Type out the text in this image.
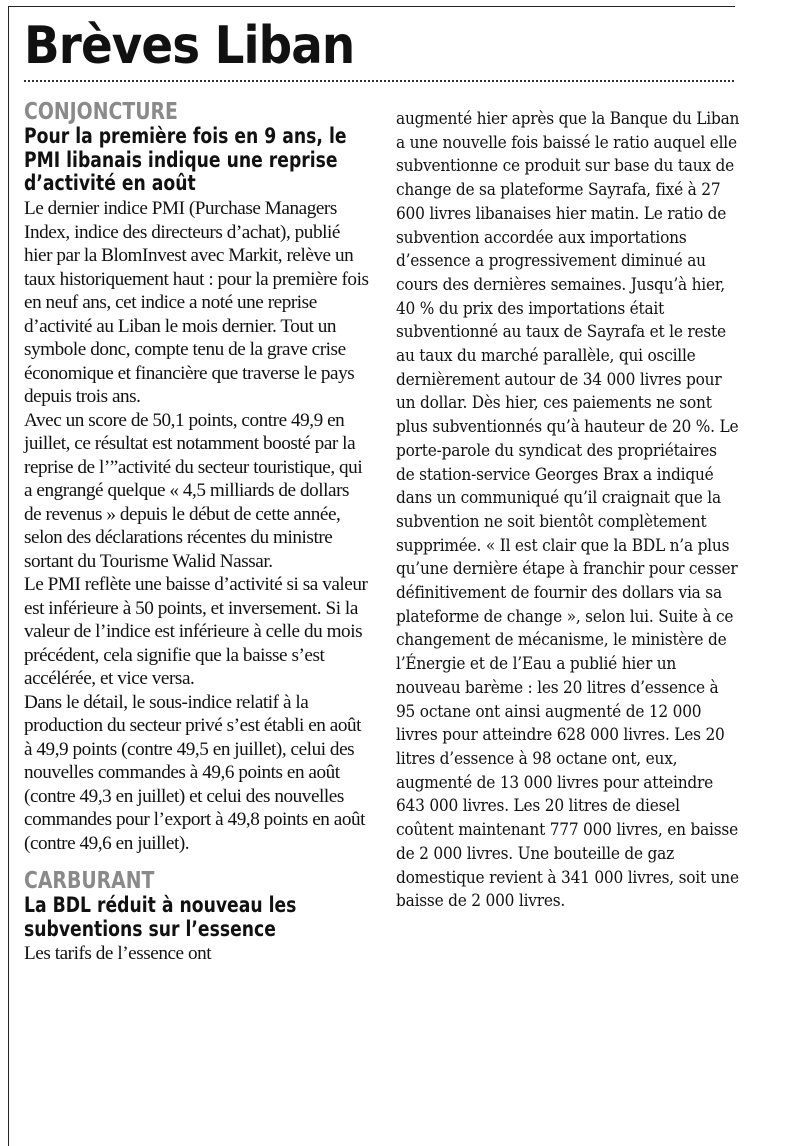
Brèves Liban
CONJONCTURE
Pour la première fois en 9 ans, le PMI libanais indique une reprise d’activité en août

Le dernier indice PMI (Purchase Managers Index, indice des directeurs d’achat), publié hier par la BlomInvest avec Markit, relève un taux historiquement haut : pour la première fois en neuf ans, cet indice a noté une reprise d’activité au Liban le mois dernier. Tout un symbole donc, compte tenu de la grave crise économique et financière que traverse le pays depuis trois ans.

Avec un score de 50,1 points, contre 49,9 en juillet, ce résultat est notamment boosté par la reprise de l’”activité du secteur touristique, qui a engrangé quelque « 4,5 milliards de dollars de revenus » depuis le début de cette année, selon des déclarations récentes du ministre sortant du Tourisme Walid Nassar.

Le PMI reflète une baisse d’activité si sa valeur est inférieure à 50 points, et inversement. Si la valeur de l’indice est inférieure à celle du mois précédent, cela signifie que la baisse s’est accélérée, et vice versa.

Dans le détail, le sous-indice relatif à la production du secteur privé s’est établi en août à 49,9 points (contre 49,5 en juillet), celui des nouvelles commandes à 49,6 points en août (contre 49,3 en juillet) et celui des nouvelles commandes pour l’export à 49,8 points en août (contre 49,6 en juillet).

CARBURANT
La BDL réduit à nouveau les subventions sur l’essence

Les tarifs de l’essence ont

augmenté hier après que la Banque du Liban a une nouvelle fois baissé le ratio auquel elle subventionne ce produit sur base du taux de change de sa plateforme Sayrafa, fixé à 27 600 livres libanaises hier matin. Le ratio de subvention accordée aux importations d’essence a progressivement diminué au cours des dernières semaines. Jusqu’à hier, 40 % du prix des importations était subventionné au taux de Sayrafa et le reste au taux du marché parallèle, qui oscille dernièrement autour de 34 000 livres pour un dollar. Dès hier, ces paiements ne sont plus subventionnés qu’à hauteur de 20 %. Le porte-parole du syndicat des propriétaires de station-service Georges Brax a indiqué dans un communiqué qu’il craignait que la subvention ne soit bientôt complètement supprimée. « Il est clair que la BDL n’a plus qu’une dernière étape à franchir pour cesser définitivement de fournir des dollars via sa plateforme de change », selon lui. Suite à ce changement de mécanisme, le ministère de l’Énergie et de l’Eau a publié hier un nouveau barème : les 20 litres d’essence à 95 octane ont ainsi augmenté de 12 000 livres pour atteindre 628 000 livres. Les 20 litres d’essence à 98 octane ont, eux, augmenté de 13 000 livres pour atteindre 643 000 livres. Les 20 litres de diesel coûtent maintenant 777 000 livres, en baisse de 2 000 livres. Une bouteille de gaz domestique revient à 341 000 livres, soit une baisse de 2 000 livres.
